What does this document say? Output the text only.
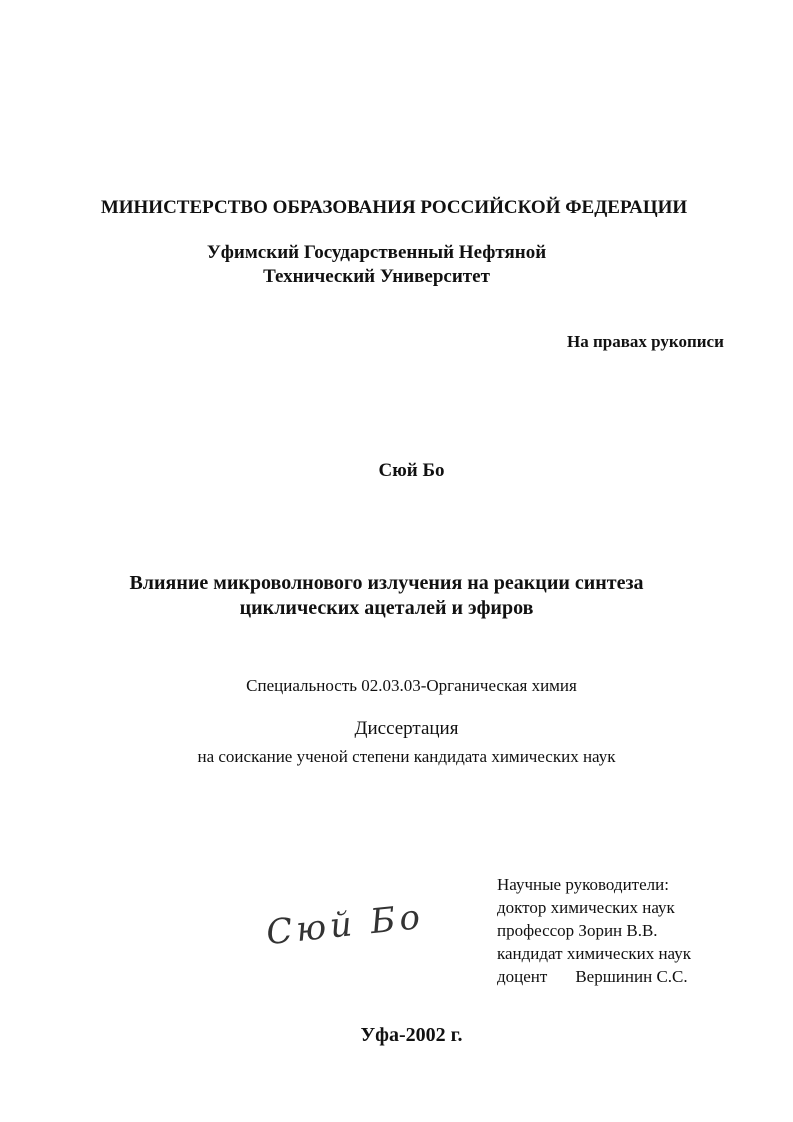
МИНИСТЕРСТВО ОБРАЗОВАНИЯ РОССИЙСКОЙ ФЕДЕРАЦИИ
Уфимский Государственный Нефтяной
Технический Университет
На правах рукописи
Сюй Бо
Влияние микроволнового излучения на реакции синтеза
циклических ацеталей и эфиров
Специальность 02.03.03-Органическая химия
Диссертация
на соискание ученой степени кандидата химических наук
Научные руководители:
доктор химических наук
профессор Зорин В.В.
кандидат химических наук
доцент Вершинин С.С.
Сюй Бо
Уфа-2002 г.
